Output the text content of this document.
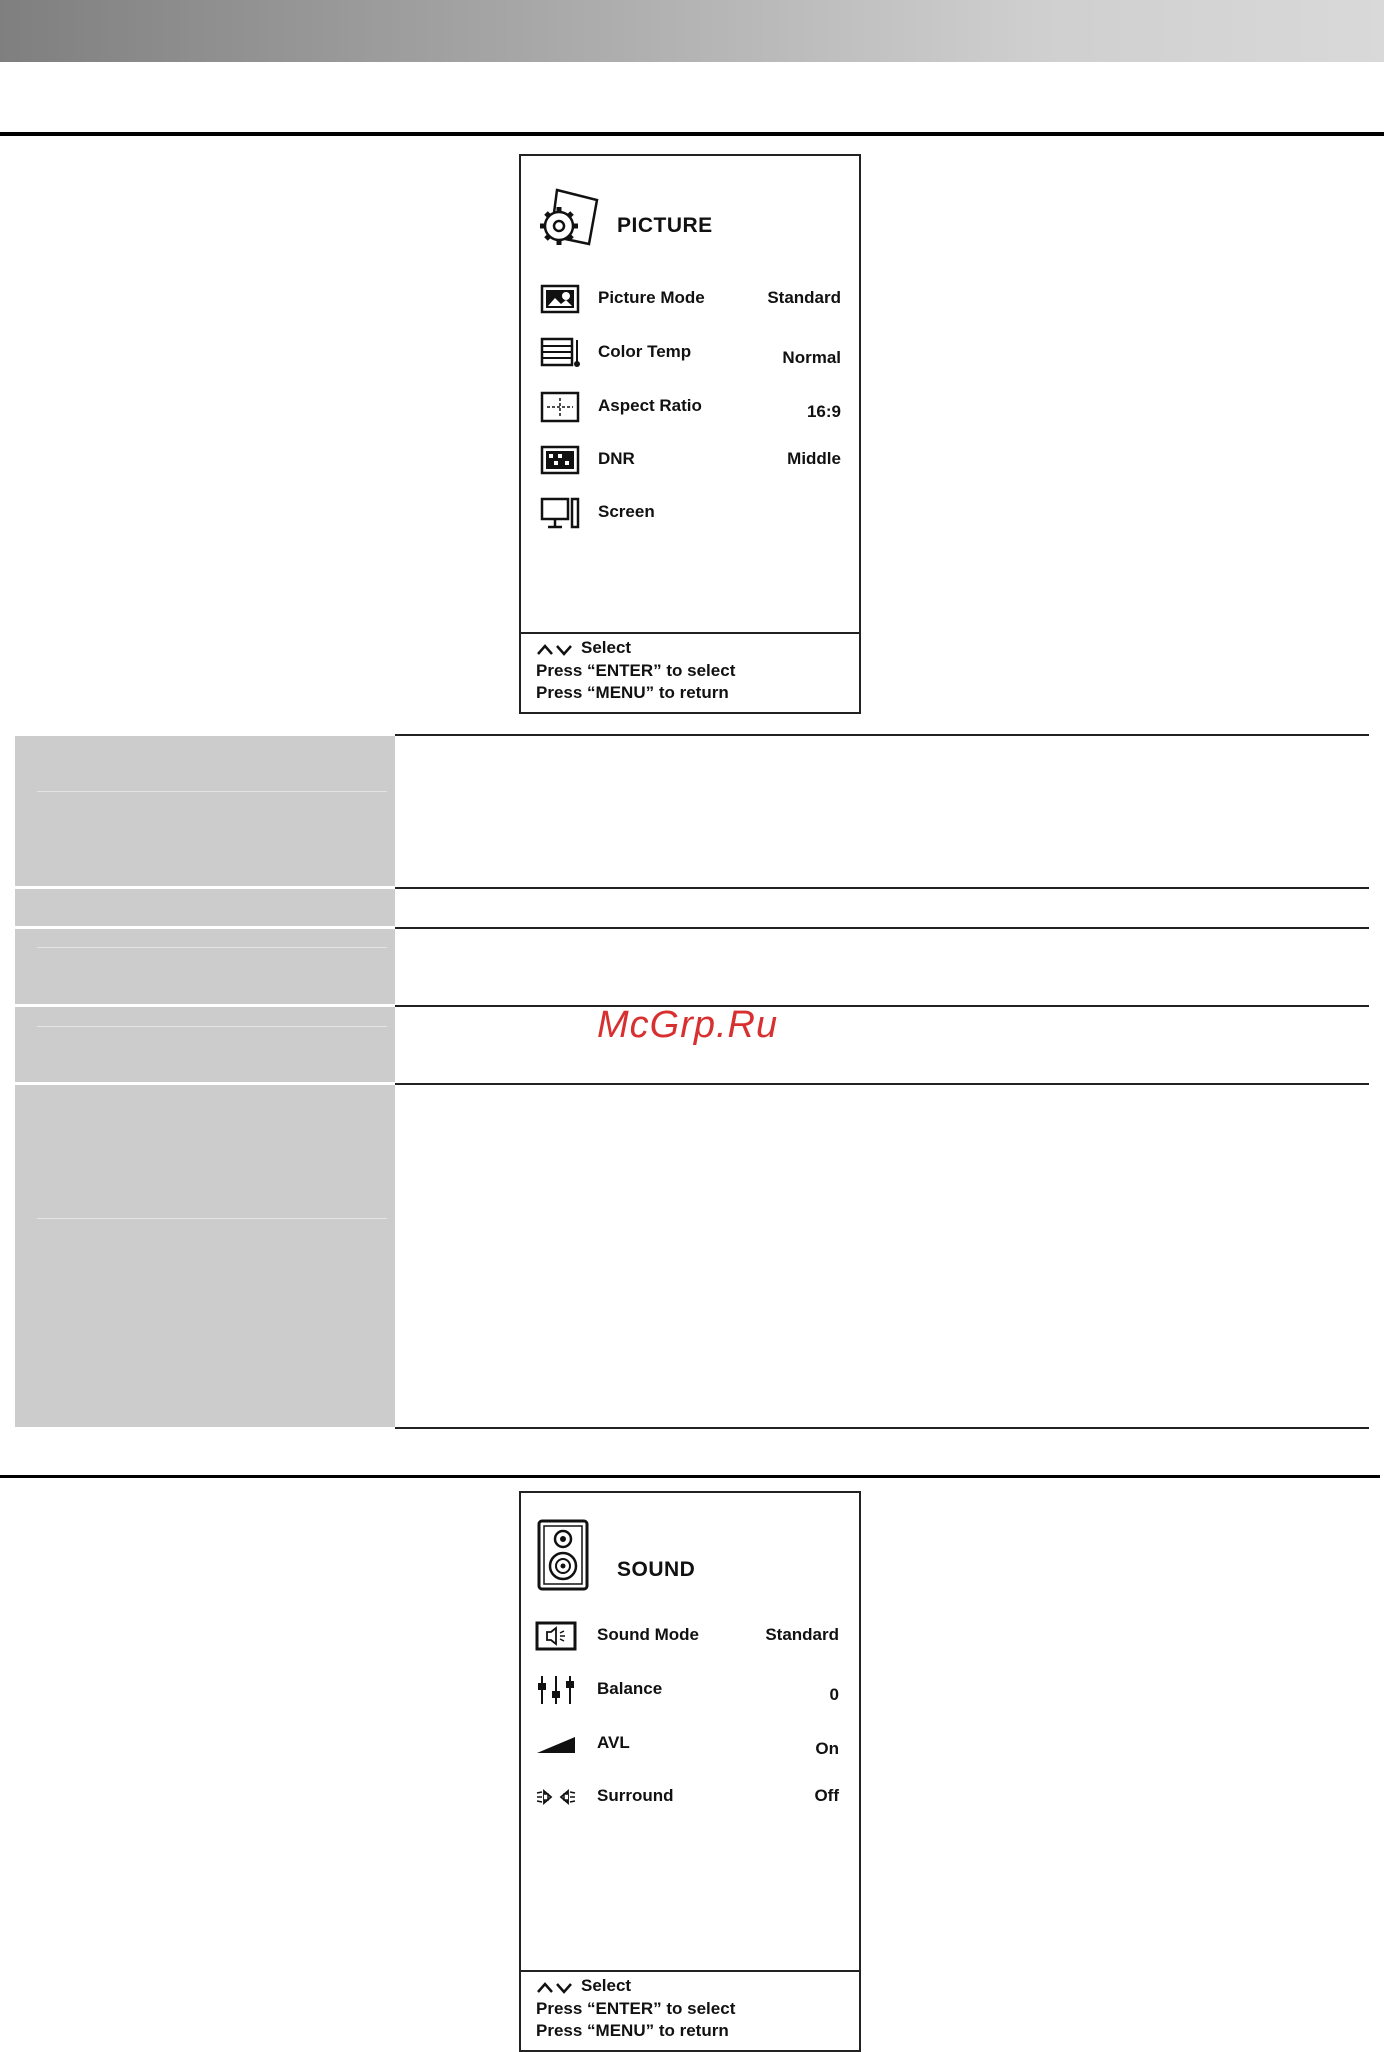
PICTURE
Picture Mode	Standard
Color Temp	Normal
Aspect Ratio	16:9
DNR	Middle
Screen
Select
Press “ENTER” to select
Press “MENU” to return
McGrp.Ru
SOUND
Sound Mode	Standard
Balance	0
AVL	On
Surround	Off
Select
Press “ENTER” to select
Press “MENU” to return
